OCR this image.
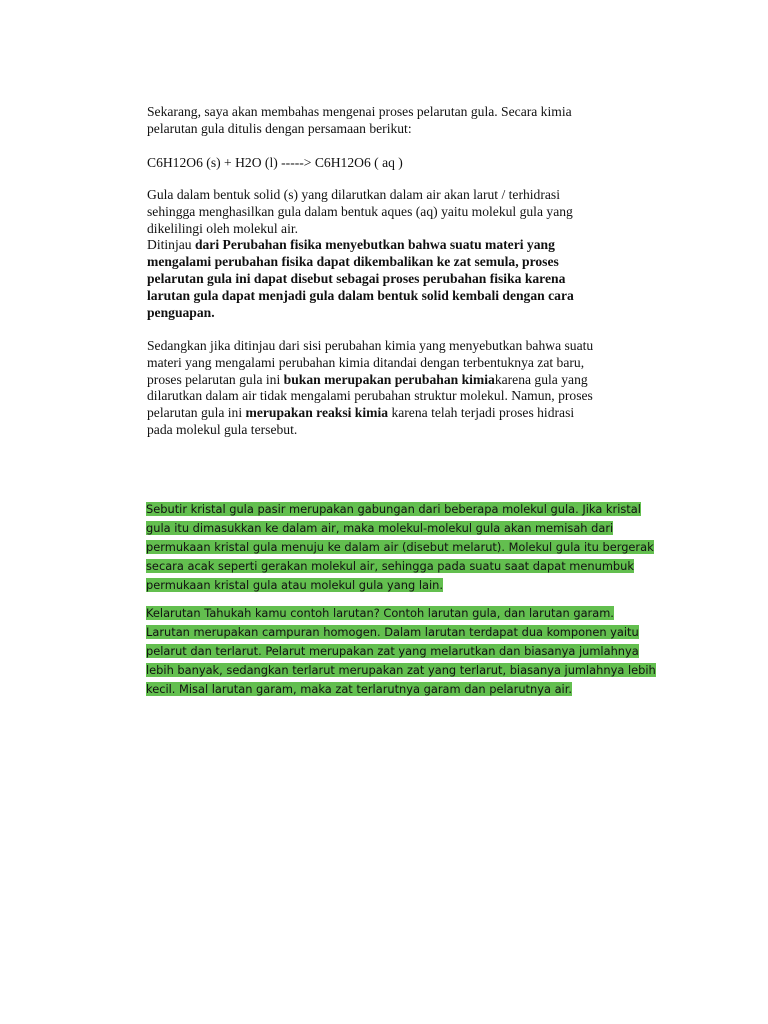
Sekarang, saya akan membahas mengenai proses pelarutan gula. Secara kimia
pelarutan gula ditulis dengan persamaan berikut:

C6H12O6 (s) + H2O (l) -----> C6H12O6 ( aq )

Gula dalam bentuk solid (s) yang dilarutkan dalam air akan larut / terhidrasi
sehingga menghasilkan gula dalam bentuk aques (aq) yaitu molekul gula yang
dikelilingi oleh molekul air.
Ditinjau dari Perubahan fisika menyebutkan bahwa suatu materi yang
mengalami perubahan fisika dapat dikembalikan ke zat semula, proses
pelarutan gula ini dapat disebut sebagai proses perubahan fisika karena
larutan gula dapat menjadi gula dalam bentuk solid kembali dengan cara
penguapan.

Sedangkan jika ditinjau dari sisi perubahan kimia yang menyebutkan bahwa suatu
materi yang mengalami perubahan kimia ditandai dengan terbentuknya zat baru,
proses pelarutan gula ini bukan merupakan perubahan kimiakarena gula yang
dilarutkan dalam air tidak mengalami perubahan struktur molekul. Namun, proses
pelarutan gula ini merupakan reaksi kimia karena telah terjadi proses hidrasi
pada molekul gula tersebut.

Sebutir kristal gula pasir merupakan gabungan dari beberapa molekul gula. Jika kristal
gula itu dimasukkan ke dalam air, maka molekul-molekul gula akan memisah dari
permukaan kristal gula menuju ke dalam air (disebut melarut). Molekul gula itu bergerak
secara acak seperti gerakan molekul air, sehingga pada suatu saat dapat menumbuk
permukaan kristal gula atau molekul gula yang lain.
Kelarutan Tahukah kamu contoh larutan? Contoh larutan gula, dan larutan garam.
Larutan merupakan campuran homogen. Dalam larutan terdapat dua komponen yaitu
pelarut dan terlarut. Pelarut merupakan zat yang melarutkan dan biasanya jumlahnya
lebih banyak, sedangkan terlarut merupakan zat yang terlarut, biasanya jumlahnya lebih
kecil. Misal larutan garam, maka zat terlarutnya garam dan pelarutnya air.
